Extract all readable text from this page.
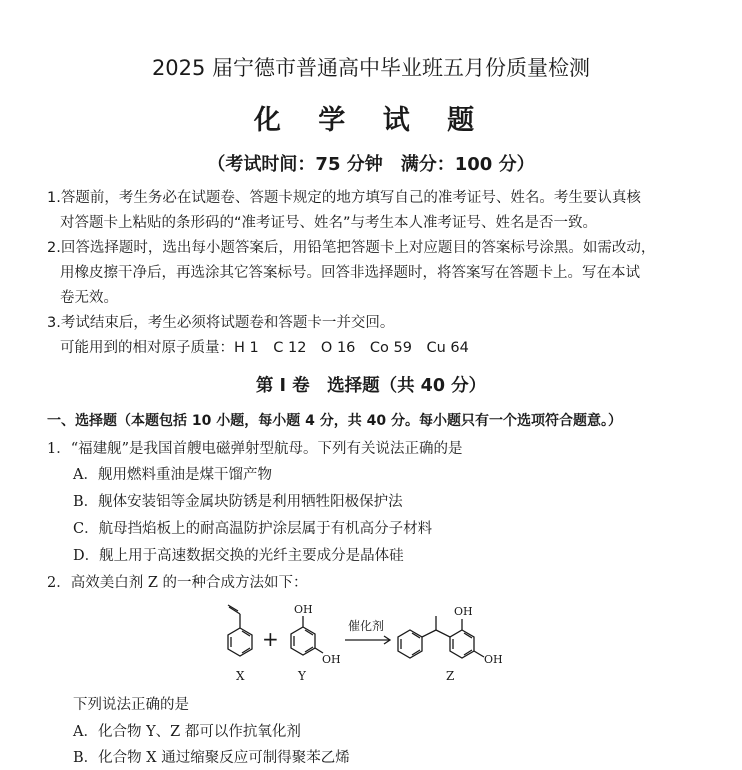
2025 届宁德市普通高中毕业班五月份质量检测
化 学 试 题
（考试时间：75 分钟　满分：100 分）
1.答题前，考生务必在试题卷、答题卡规定的地方填写自己的准考证号、姓名。考生要认真核
对答题卡上粘贴的条形码的“准考证号、姓名”与考生本人准考证号、姓名是否一致。
2.回答选择题时，选出每小题答案后，用铅笔把答题卡上对应题目的答案标号涂黑。如需改动，
用橡皮擦干净后，再选涂其它答案标号。回答非选择题时，将答案写在答题卡上。写在本试
卷无效。
3.考试结束后，考生必须将试题卷和答题卡一并交回。
可能用到的相对原子质量：H 1　C 12　O 16　Co 59　Cu 64
第 Ⅰ 卷　选择题（共 40 分）
一、选择题（本题包括 10 小题，每小题 4 分，共 40 分。每小题只有一个选项符合题意。）
1．“福建舰”是我国首艘电磁弹射型航母。下列有关说法正确的是
A．舰用燃料重油是煤干馏产物
B．舰体安装铝等金属块防锈是利用牺牲阳极保护法
C．航母挡焰板上的耐高温防护涂层属于有机高分子材料
D．舰上用于高速数据交换的光纤主要成分是晶体硅
2．高效美白剂 Z 的一种合成方法如下：
+
OH
OH
催化剂
OH
OH
X	Y	Z
下列说法正确的是
A．化合物 Y、Z 都可以作抗氧化剂
B．化合物 X 通过缩聚反应可制得聚苯乙烯
